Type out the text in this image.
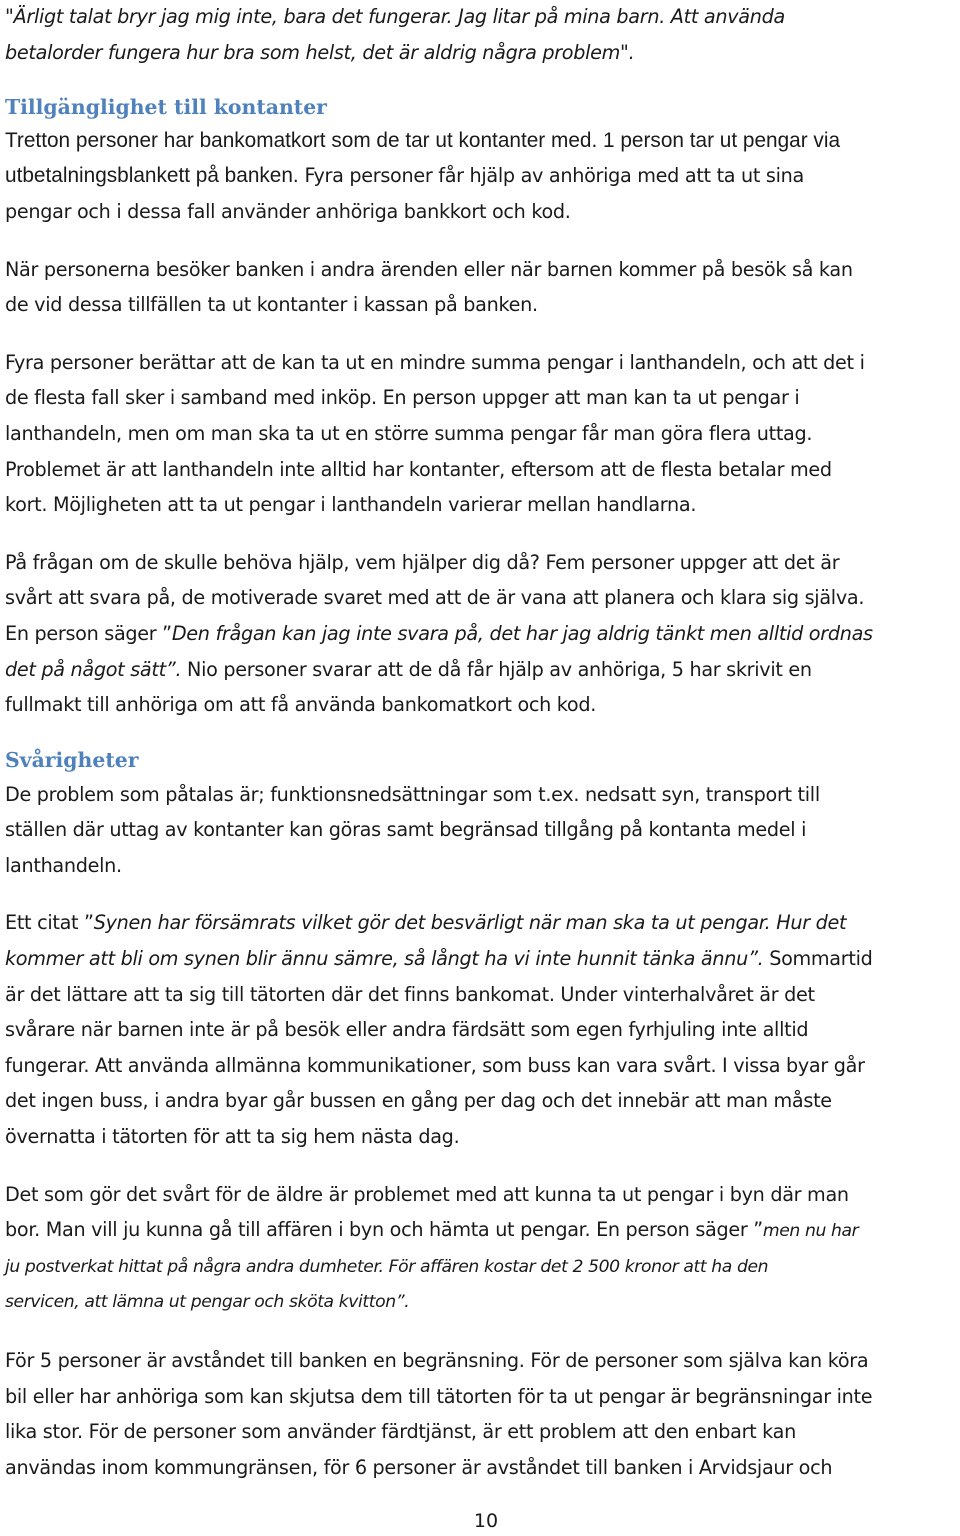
"Ärligt talat bryr jag mig inte, bara det fungerar. Jag litar på mina barn. Att använda
betalorder fungera hur bra som helst, det är aldrig några problem".
Tillgänglighet till kontanter
Tretton personer har bankomatkort som de tar ut kontanter med. 1 person tar ut pengar via
utbetalningsblankett på banken. Fyra personer får hjälp av anhöriga med att ta ut sina
pengar och i dessa fall använder anhöriga bankkort och kod.
När personerna besöker banken i andra ärenden eller när barnen kommer på besök så kan
de vid dessa tillfällen ta ut kontanter i kassan på banken.
Fyra personer berättar att de kan ta ut en mindre summa pengar i lanthandeln, och att det i
de flesta fall sker i samband med inköp. En person uppger att man kan ta ut pengar i
lanthandeln, men om man ska ta ut en större summa pengar får man göra flera uttag.
Problemet är att lanthandeln inte alltid har kontanter, eftersom att de flesta betalar med
kort. Möjligheten att ta ut pengar i lanthandeln varierar mellan handlarna.
På frågan om de skulle behöva hjälp, vem hjälper dig då? Fem personer uppger att det är
svårt att svara på, de motiverade svaret med att de är vana att planera och klara sig själva.
En person säger ”Den frågan kan jag inte svara på, det har jag aldrig tänkt men alltid ordnas
det på något sätt”. Nio personer svarar att de då får hjälp av anhöriga, 5 har skrivit en
fullmakt till anhöriga om att få använda bankomatkort och kod.
Svårigheter
De problem som påtalas är; funktionsnedsättningar som t.ex. nedsatt syn, transport till
ställen där uttag av kontanter kan göras samt begränsad tillgång på kontanta medel i
lanthandeln.
Ett citat ”Synen har försämrats vilket gör det besvärligt när man ska ta ut pengar. Hur det
kommer att bli om synen blir ännu sämre, så långt ha vi inte hunnit tänka ännu”. Sommartid
är det lättare att ta sig till tätorten där det finns bankomat. Under vinterhalvåret är det
svårare när barnen inte är på besök eller andra färdsätt som egen fyrhjuling inte alltid
fungerar. Att använda allmänna kommunikationer, som buss kan vara svårt. I vissa byar går
det ingen buss, i andra byar går bussen en gång per dag och det innebär att man måste
övernatta i tätorten för att ta sig hem nästa dag.
Det som gör det svårt för de äldre är problemet med att kunna ta ut pengar i byn där man
bor. Man vill ju kunna gå till affären i byn och hämta ut pengar. En person säger ”men nu har
ju postverkat hittat på några andra dumheter. För affären kostar det 2 500 kronor att ha den
servicen, att lämna ut pengar och sköta kvitton”.
För 5 personer är avståndet till banken en begränsning. För de personer som själva kan köra
bil eller har anhöriga som kan skjutsa dem till tätorten för ta ut pengar är begränsningar inte
lika stor. För de personer som använder färdtjänst, är ett problem att den enbart kan
användas inom kommungränsen, för 6 personer är avståndet till banken i Arvidsjaur och
10
